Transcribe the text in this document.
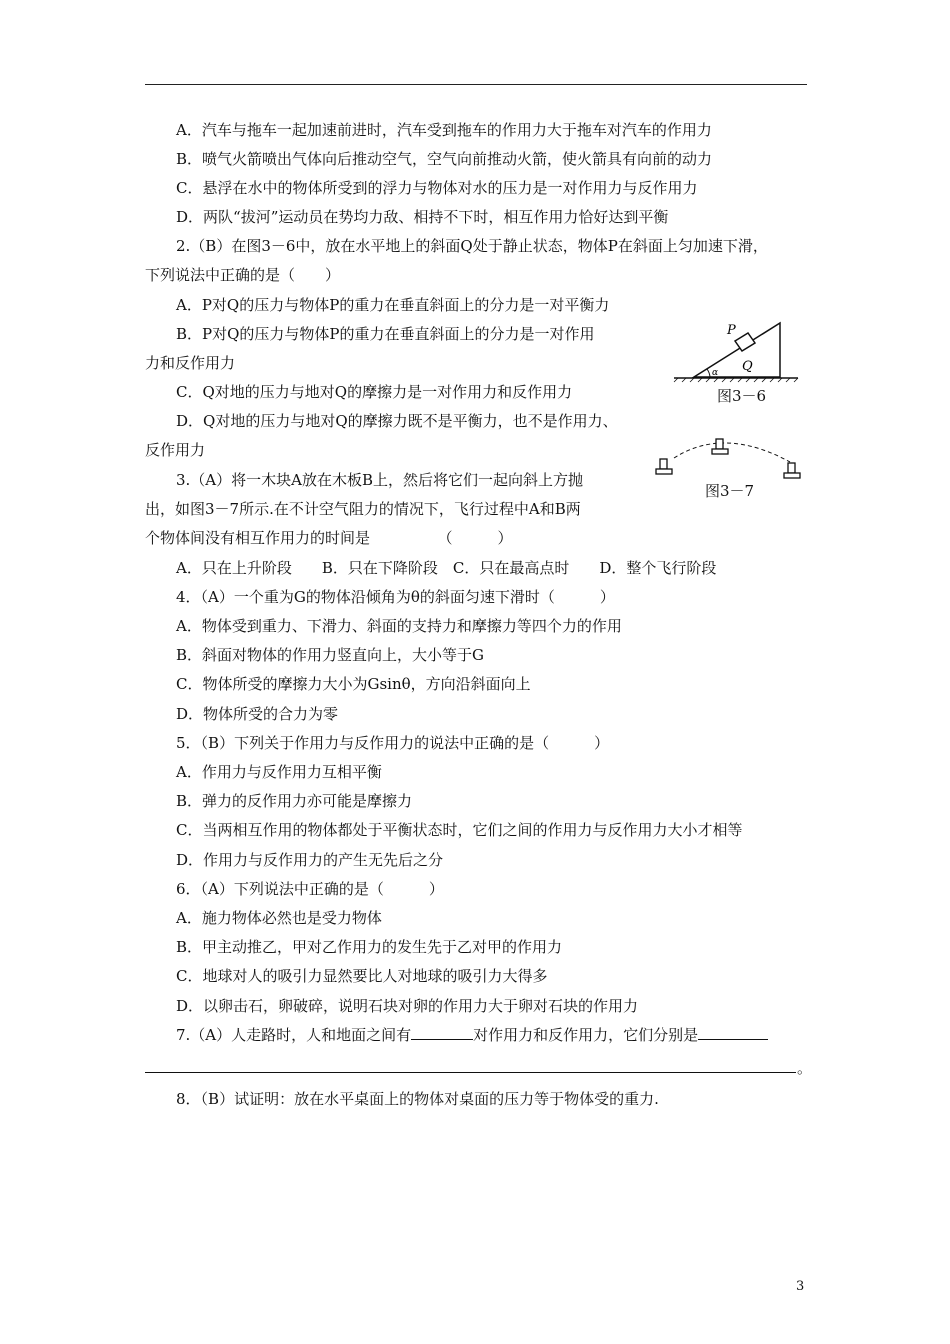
A．汽车与拖车一起加速前进时，汽车受到拖车的作用力大于拖车对汽车的作用力
B．喷气火箭喷出气体向后推动空气，空气向前推动火箭，使火箭具有向前的动力
C．悬浮在水中的物体所受到的浮力与物体对水的压力是一对作用力与反作用力
D．两队“拔河”运动员在势均力敌、相持不下时，相互作用力恰好达到平衡
2.（B）在图3－6中，放在水平地上的斜面Q处于静止状态，物体P在斜面上匀加速下滑，
下列说法中正确的是（　　）
A．P对Q的压力与物体P的重力在垂直斜面上的分力是一对平衡力
B．P对Q的压力与物体P的重力在垂直斜面上的分力是一对作用
力和反作用力
C．Q对地的压力与地对Q的摩擦力是一对作用力和反作用力
D．Q对地的压力与地对Q的摩擦力既不是平衡力，也不是作用力、
反作用力
3.（A）将一木块A放在木板B上，然后将它们一起向斜上方抛
出，如图3－7所示.在不计空气阻力的情况下，飞行过程中A和B两
个物体间没有相互作用力的时间是　　　　　（　　　）
A．只在上升阶段　　B．只在下降阶段　C．只在最高点时　　D．整个飞行阶段
4．（A）一个重为G的物体沿倾角为θ的斜面匀速下滑时（　　　）
A．物体受到重力、下滑力、斜面的支持力和摩擦力等四个力的作用
B．斜面对物体的作用力竖直向上，大小等于G
C．物体所受的摩擦力大小为Gsinθ，方向沿斜面向上
D．物体所受的合力为零
5．（B）下列关于作用力与反作用力的说法中正确的是（　　　）
A．作用力与反作用力互相平衡
B．弹力的反作用力亦可能是摩擦力
C．当两相互作用的物体都处于平衡状态时，它们之间的作用力与反作用力大小才相等
D．作用力与反作用力的产生无先后之分
6．（A）下列说法中正确的是（　　　）
A．施力物体必然也是受力物体
B．甲主动推乙，甲对乙作用力的发生先于乙对甲的作用力
C．地球对人的吸引力显然要比人对地球的吸引力大得多
D．以卵击石，卵破碎，说明石块对卵的作用力大于卵对石块的作用力
7.（A）人走路时，人和地面之间有	对作用力和反作用力，它们分别是
。
8．（B）试证明：放在水平桌面上的物体对桌面的压力等于物体受的重力.
P
Q
α
图3－6
图3－7
3
